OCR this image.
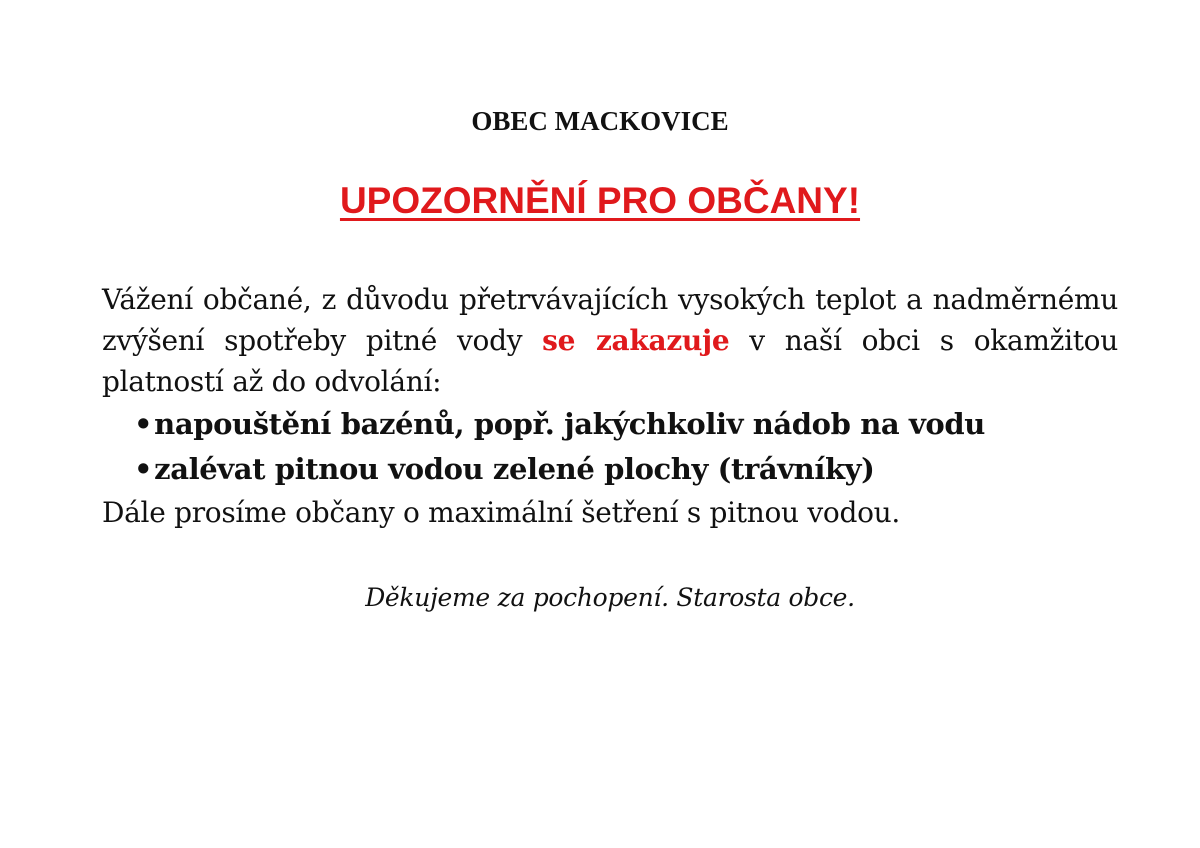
OBEC MACKOVICE
UPOZORNĚNÍ PRO OBČANY!

Vážení občané, z důvodu přetrvávajících vysokých teplot a nadměrnému zvýšení spotřeby pitné vody se zakazuje v naší obci s okamžitou platností až do odvolání:

•napouštění bazénů, popř. jakýchkoliv nádob na vodu
•zalévat pitnou vodou zelené plochy (trávníky)

Dále prosíme občany o maximální šetření s pitnou vodou.

Děkujeme za pochopení. Starosta obce.
